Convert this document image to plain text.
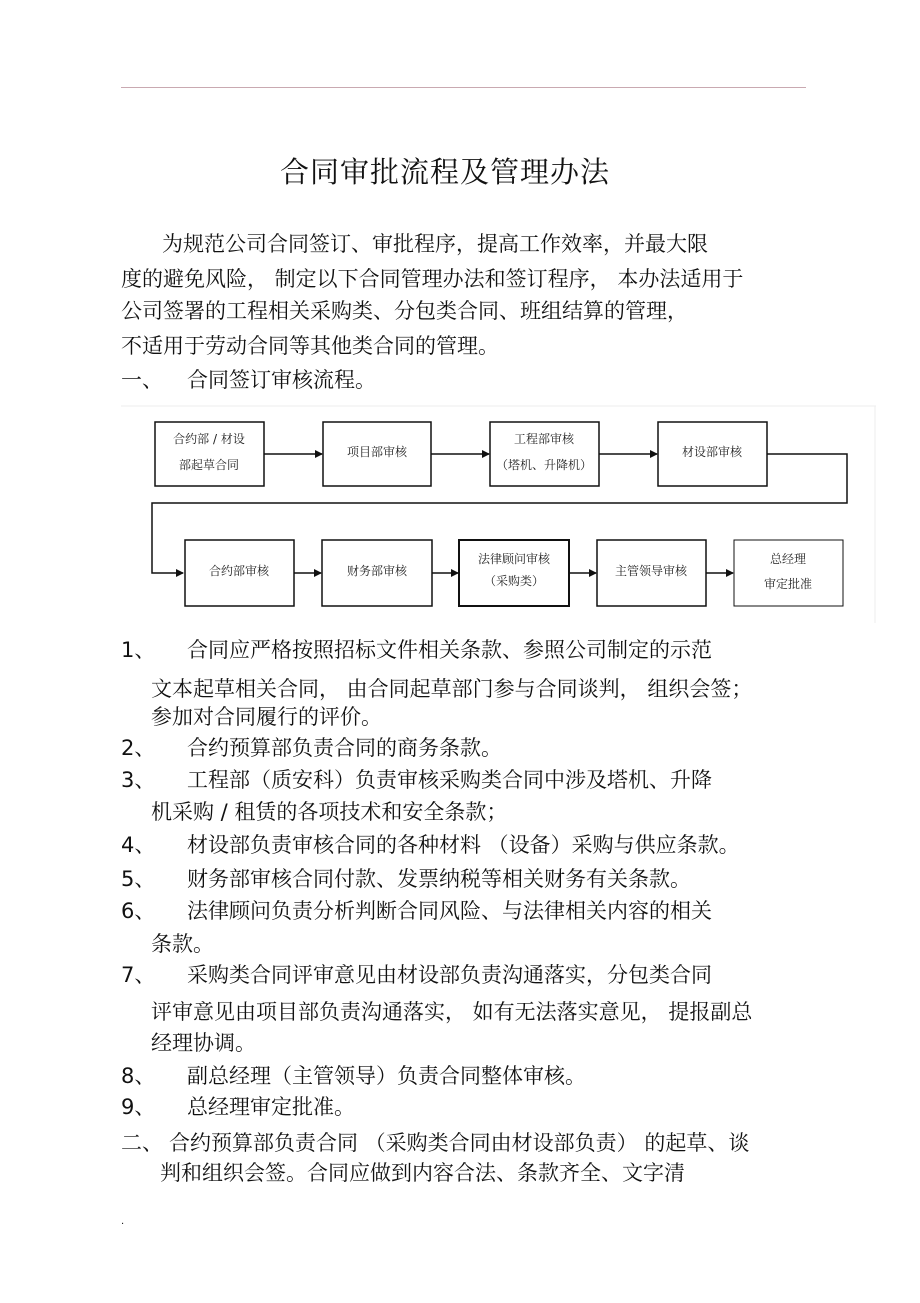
合同审批流程及管理办法
为规范公司合同签订、审批程序，提高工作效率，并最大限
度的避免风险， 制定以下合同管理办法和签订程序， 本办法适用于
公司签署的工程相关采购类、分包类合同、班组结算的管理，
不适用于劳动合同等其他类合同的管理。
一、 合同签订审核流程。
合约部 / 材设
部起草合同
项目部审核
工程部审核
（塔机、升降机）
材设部审核
合约部审核	财务部审核
法律顾问审核
（采购类）
主管领导审核
总经理
审定批准
1、 合同应严格按照招标文件相关条款、参照公司制定的示范
文本起草相关合同， 由合同起草部门参与合同谈判， 组织会签；
参加对合同履行的评价。
2、 合约预算部负责合同的商务条款。
3、 工程部（质安科）负责审核采购类合同中涉及塔机、升降
机采购 / 租赁的各项技术和安全条款；
4、 材设部负责审核合同的各种材料 （设备）采购与供应条款。
5、 财务部审核合同付款、发票纳税等相关财务有关条款。
6、 法律顾问负责分析判断合同风险、与法律相关内容的相关
条款。
7、 采购类合同评审意见由材设部负责沟通落实，分包类合同
评审意见由项目部负责沟通落实， 如有无法落实意见， 提报副总
经理协调。
8、 副总经理（主管领导）负责合同整体审核。
9、 总经理审定批准。
二、 合约预算部负责合同 （采购类合同由材设部负责） 的起草、谈
判和组织会签。合同应做到内容合法、条款齐全、文字清
.
